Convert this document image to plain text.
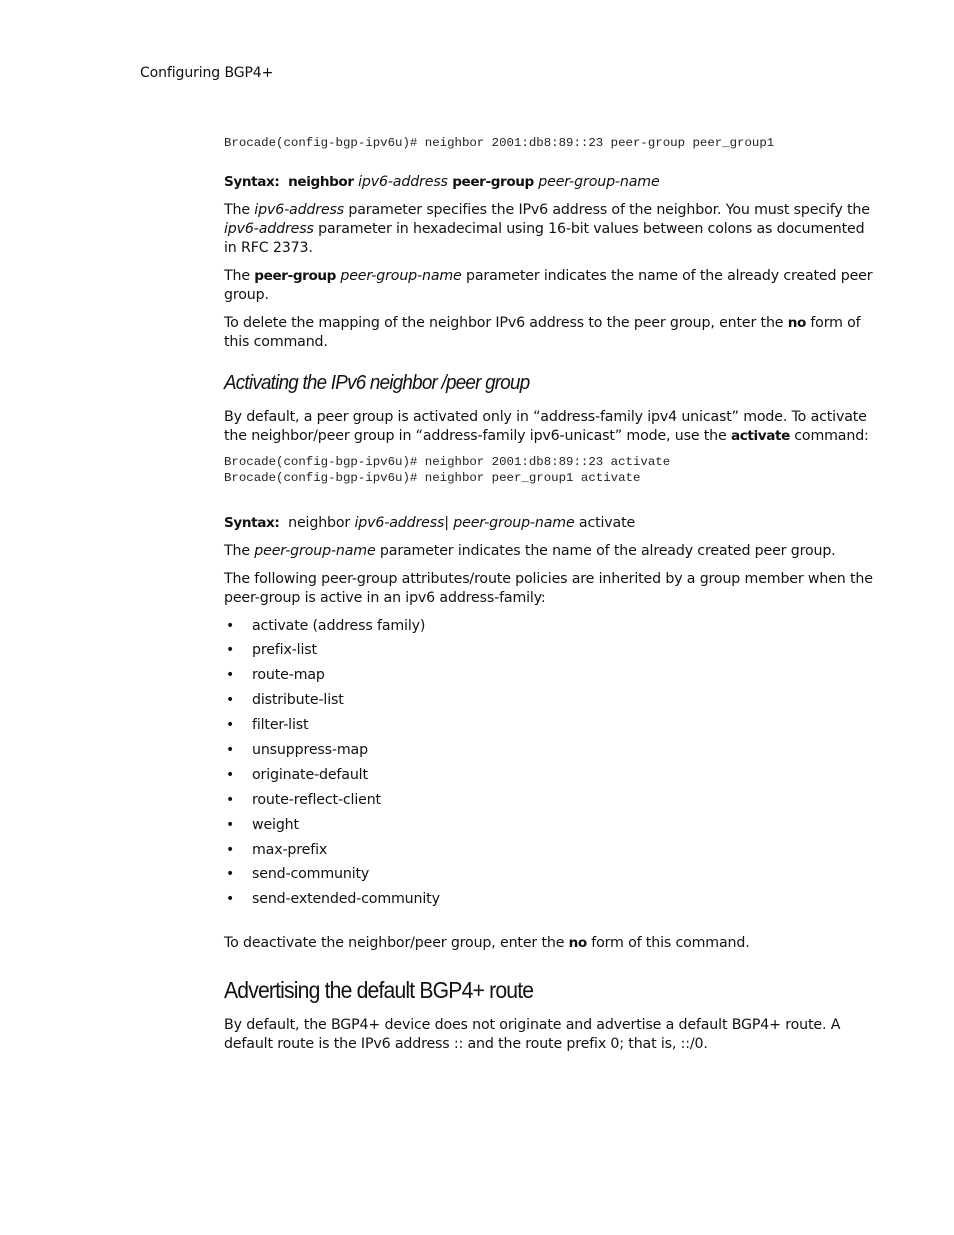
Configuring BGP4+
Brocade(config-bgp-ipv6u)# neighbor 2001:db8:89::23 peer-group peer_group1

Syntax: neighbor ipv6-address peer-group peer-group-name

The ipv6-address parameter specifies the IPv6 address of the neighbor. You must specify the ipv6-address parameter in hexadecimal using 16-bit values between colons as documented in RFC 2373.

The peer-group peer-group-name parameter indicates the name of the already created peer group.

To delete the mapping of the neighbor IPv6 address to the peer group, enter the no form of this command.

Activating the IPv6 neighbor /peer group

By default, a peer group is activated only in “address-family ipv4 unicast” mode. To activate the neighbor/peer group in “address-family ipv6-unicast” mode, use the activate command:

Brocade(config-bgp-ipv6u)# neighbor 2001:db8:89::23 activate
Brocade(config-bgp-ipv6u)# neighbor peer_group1 activate

Syntax: neighbor ipv6-address| peer-group-name activate

The peer-group-name parameter indicates the name of the already created peer group.

The following peer-group attributes/route policies are inherited by a group member when the peer-group is active in an ipv6 address-family:

• activate (address family)
• prefix-list
• route-map
• distribute-list
• filter-list
• unsuppress-map
• originate-default
• route-reflect-client
• weight
• max-prefix
• send-community
• send-extended-community

To deactivate the neighbor/peer group, enter the no form of this command.

Advertising the default BGP4+ route

By default, the BGP4+ device does not originate and advertise a default BGP4+ route. A default route is the IPv6 address :: and the route prefix 0; that is, ::/0.
